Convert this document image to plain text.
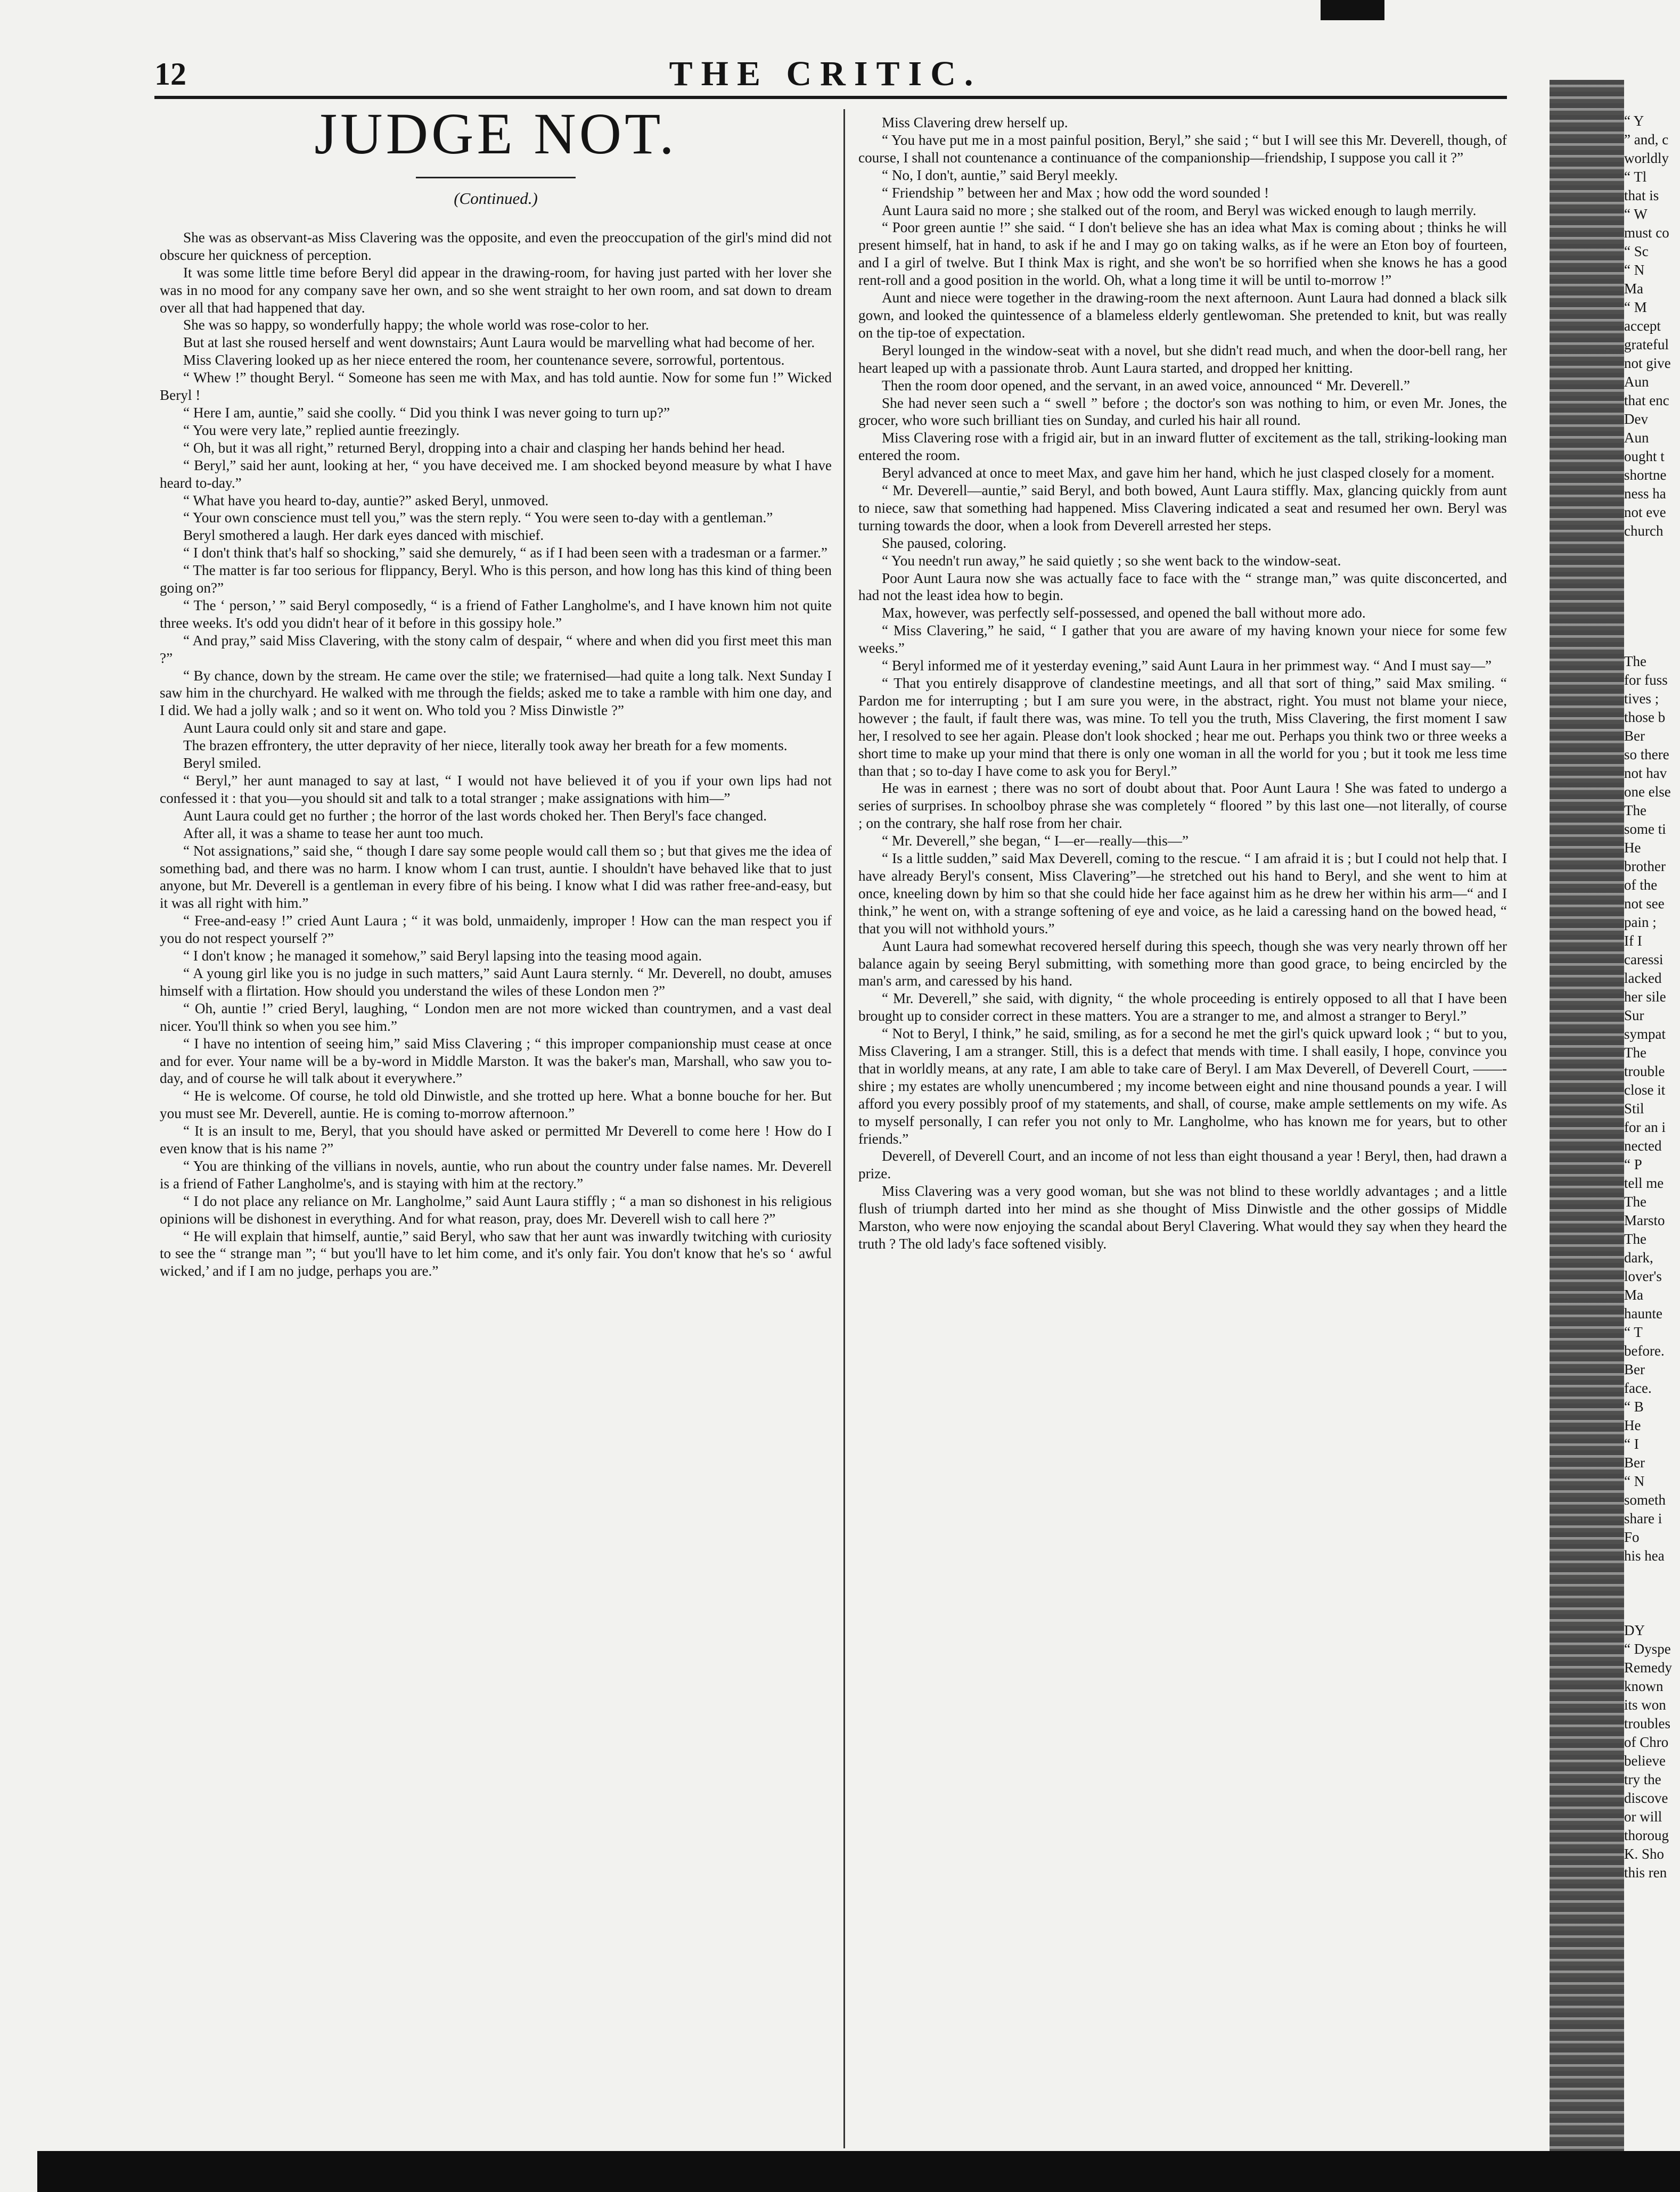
12	THE CRITIC.
JUDGE NOT.
(Continued.)

She was as observant-as Miss Clavering was the opposite, and even the preoccupation of the girl's mind did not obscure her quickness of perception.

It was some little time before Beryl did appear in the drawing-room, for having just parted with her lover she was in no mood for any company save her own, and so she went straight to her own room, and sat down to dream over all that had happened that day.

She was so happy, so wonderfully happy; the whole world was rose-color to her.

But at last she roused herself and went downstairs; Aunt Laura would be marvelling what had become of her.

Miss Clavering looked up as her niece entered the room, her countenance severe, sorrowful, portentous.

“ Whew !” thought Beryl. “ Someone has seen me with Max, and has told auntie. Now for some fun !” Wicked Beryl !

“ Here I am, auntie,” said she coolly. “ Did you think I was never going to turn up?”

“ You were very late,” replied auntie freezingly.

“ Oh, but it was all right,” returned Beryl, dropping into a chair and clasping her hands behind her head.

“ Beryl,” said her aunt, looking at her, “ you have deceived me. I am shocked beyond measure by what I have heard to-day.”

“ What have you heard to-day, auntie?” asked Beryl, unmoved.

“ Your own conscience must tell you,” was the stern reply. “ You were seen to-day with a gentleman.”

Beryl smothered a laugh. Her dark eyes danced with mischief.

“ I don't think that's half so shocking,” said she demurely, “ as if I had been seen with a tradesman or a farmer.”

“ The matter is far too serious for flippancy, Beryl. Who is this person, and how long has this kind of thing been going on?”

“ The ‘ person,’ ” said Beryl composedly, “ is a friend of Father Langholme's, and I have known him not quite three weeks. It's odd you didn't hear of it before in this gossipy hole.”

“ And pray,” said Miss Clavering, with the stony calm of despair, “ where and when did you first meet this man ?”

“ By chance, down by the stream. He came over the stile; we fraternised—had quite a long talk. Next Sunday I saw him in the churchyard. He walked with me through the fields; asked me to take a ramble with him one day, and I did. We had a jolly walk ; and so it went on. Who told you ? Miss Dinwistle ?”

Aunt Laura could only sit and stare and gape.

The brazen effrontery, the utter depravity of her niece, literally took away her breath for a few moments.

Beryl smiled.

“ Beryl,” her aunt managed to say at last, “ I would not have believed it of you if your own lips had not confessed it : that you—you should sit and talk to a total stranger ; make assignations with him—”

Aunt Laura could get no further ; the horror of the last words choked her. Then Beryl's face changed.

After all, it was a shame to tease her aunt too much.

“ Not assignations,” said she, “ though I dare say some people would call them so ; but that gives me the idea of something bad, and there was no harm. I know whom I can trust, auntie. I shouldn't have behaved like that to just anyone, but Mr. Deverell is a gentleman in every fibre of his being. I know what I did was rather free-and-easy, but it was all right with him.”

“ Free-and-easy !” cried Aunt Laura ; “ it was bold, unmaidenly, improper ! How can the man respect you if you do not respect yourself ?”

“ I don't know ; he managed it somehow,” said Beryl lapsing into the teasing mood again.

“ A young girl like you is no judge in such matters,” said Aunt Laura sternly. “ Mr. Deverell, no doubt, amuses himself with a flirtation. How should you understand the wiles of these London men ?”

“ Oh, auntie !” cried Beryl, laughing, “ London men are not more wicked than countrymen, and a vast deal nicer. You'll think so when you see him.”

“ I have no intention of seeing him,” said Miss Clavering ; “ this improper companionship must cease at once and for ever. Your name will be a by-word in Middle Marston. It was the baker's man, Marshall, who saw you to-day, and of course he will talk about it everywhere.”

“ He is welcome. Of course, he told old Dinwistle, and she trotted up here. What a bonne bouche for her. But you must see Mr. Deverell, auntie. He is coming to-morrow afternoon.”

“ It is an insult to me, Beryl, that you should have asked or permitted Mr Deverell to come here ! How do I even know that is his name ?”

“ You are thinking of the villians in novels, auntie, who run about the country under false names. Mr. Deverell is a friend of Father Langholme's, and is staying with him at the rectory.”

“ I do not place any reliance on Mr. Langholme,” said Aunt Laura stiffly ; “ a man so dishonest in his religious opinions will be dishonest in everything. And for what reason, pray, does Mr. Deverell wish to call here ?”

“ He will explain that himself, auntie,” said Beryl, who saw that her aunt was inwardly twitching with curiosity to see the “ strange man ”; “ but you'll have to let him come, and it's only fair. You don't know that he's so ‘ awful wicked,’ and if I am no judge, perhaps you are.”

Miss Clavering drew herself up.

“ You have put me in a most painful position, Beryl,” she said ; “ but I will see this Mr. Deverell, though, of course, I shall not countenance a continuance of the companionship—friendship, I suppose you call it ?”

“ No, I don't, auntie,” said Beryl meekly.

“ Friendship ” between her and Max ; how odd the word sounded !

Aunt Laura said no more ; she stalked out of the room, and Beryl was wicked enough to laugh merrily.

“ Poor green auntie !” she said. “ I don't believe she has an idea what Max is coming about ; thinks he will present himself, hat in hand, to ask if he and I may go on taking walks, as if he were an Eton boy of fourteen, and I a girl of twelve. But I think Max is right, and she won't be so horrified when she knows he has a good rent-roll and a good position in the world. Oh, what a long time it will be until to-morrow !”

Aunt and niece were together in the drawing-room the next afternoon. Aunt Laura had donned a black silk gown, and looked the quintessence of a blameless elderly gentlewoman. She pretended to knit, but was really on the tip-toe of expectation.

Beryl lounged in the window-seat with a novel, but she didn't read much, and when the door-bell rang, her heart leaped up with a passionate throb. Aunt Laura started, and dropped her knitting.

Then the room door opened, and the servant, in an awed voice, announced “ Mr. Deverell.”

She had never seen such a “ swell ” before ; the doctor's son was nothing to him, or even Mr. Jones, the grocer, who wore such brilliant ties on Sunday, and curled his hair all round.

Miss Clavering rose with a frigid air, but in an inward flutter of excitement as the tall, striking-looking man entered the room.

Beryl advanced at once to meet Max, and gave him her hand, which he just clasped closely for a moment.

“ Mr. Deverell—auntie,” said Beryl, and both bowed, Aunt Laura stiffly. Max, glancing quickly from aunt to niece, saw that something had happened. Miss Clavering indicated a seat and resumed her own. Beryl was turning towards the door, when a look from Deverell arrested her steps.

She paused, coloring.

“ You needn't run away,” he said quietly ; so she went back to the window-seat.

Poor Aunt Laura now she was actually face to face with the “ strange man,” was quite disconcerted, and had not the least idea how to begin.

Max, however, was perfectly self-possessed, and opened the ball without more ado.

“ Miss Clavering,” he said, “ I gather that you are aware of my having known your niece for some few weeks.”

“ Beryl informed me of it yesterday evening,” said Aunt Laura in her primmest way. “ And I must say—”

“ That you entirely disapprove of clandestine meetings, and all that sort of thing,” said Max smiling. “ Pardon me for interrupting ; but I am sure you were, in the abstract, right. You must not blame your niece, however ; the fault, if fault there was, was mine. To tell you the truth, Miss Clavering, the first moment I saw her, I resolved to see her again. Please don't look shocked ; hear me out. Perhaps you think two or three weeks a short time to make up your mind that there is only one woman in all the world for you ; but it took me less time than that ; so to-day I have come to ask you for Beryl.”

He was in earnest ; there was no sort of doubt about that. Poor Aunt Laura ! She was fated to undergo a series of surprises. In schoolboy phrase she was completely “ floored ” by this last one—not literally, of course ; on the contrary, she half rose from her chair.

“ Mr. Deverell,” she began, “ I—er—really—this—”

“ Is a little sudden,” said Max Deverell, coming to the rescue. “ I am afraid it is ; but I could not help that. I have already Beryl's consent, Miss Clavering”—he stretched out his hand to Beryl, and she went to him at once, kneeling down by him so that she could hide her face against him as he drew her within his arm—“ and I think,” he went on, with a strange softening of eye and voice, as he laid a caressing hand on the bowed head, “ that you will not withhold yours.”

Aunt Laura had somewhat recovered herself during this speech, though she was very nearly thrown off her balance again by seeing Beryl submitting, with something more than good grace, to being encircled by the man's arm, and caressed by his hand.

“ Mr. Deverell,” she said, with dignity, “ the whole proceeding is entirely opposed to all that I have been brought up to consider correct in these matters. You are a stranger to me, and almost a stranger to Beryl.”

“ Not to Beryl, I think,” he said, smiling, as for a second he met the girl's quick upward look ; “ but to you, Miss Clavering, I am a stranger. Still, this is a defect that mends with time. I shall easily, I hope, convince you that in worldly means, at any rate, I am able to take care of Beryl. I am Max Deverell, of Deverell Court, ——-shire ; my estates are wholly unencumbered ; my income between eight and nine thousand pounds a year. I will afford you every possibly proof of my statements, and shall, of course, make ample settlements on my wife. As to myself personally, I can refer you not only to Mr. Langholme, who has known me for years, but to other friends.”

Deverell, of Deverell Court, and an income of not less than eight thousand a year ! Beryl, then, had drawn a prize.

Miss Clavering was a very good woman, but she was not blind to these worldly advantages ; and a little flush of triumph darted into her mind as she thought of Miss Dinwistle and the other gossips of Middle Marston, who were now enjoying the scandal about Beryl Clavering. What would they say when they heard the truth ? The old lady's face softened visibly.

“ Y
” and, c
worldly
“ Tl
that is
“ W
must co
“ Sc
“ N
Ma
“ M
accept
grateful
not give
Aun
that enc
Dev
Aun
ought t
shortne
ness ha
not eve
church

The
for fuss
tives ;
those b
Ber
so there
not hav
one else
The
some ti
He
brother
of the
not see
pain ;
If I
caressi
lacked
her sile
Sur
sympat
The
trouble
close it
Stil
for an i
nected
“ P
tell me
The
Marsto
The
dark,
lover's
Ma
haunte
“ T
before.
Ber
face.
“ B
He
“ I
Ber
“ N
someth
share i
Fo
his hea

DY
“ Dyspe
Remedy
known
its won
troubles
of Chro
believe
try the
discove
or will
thoroug
K. Sho
this ren
